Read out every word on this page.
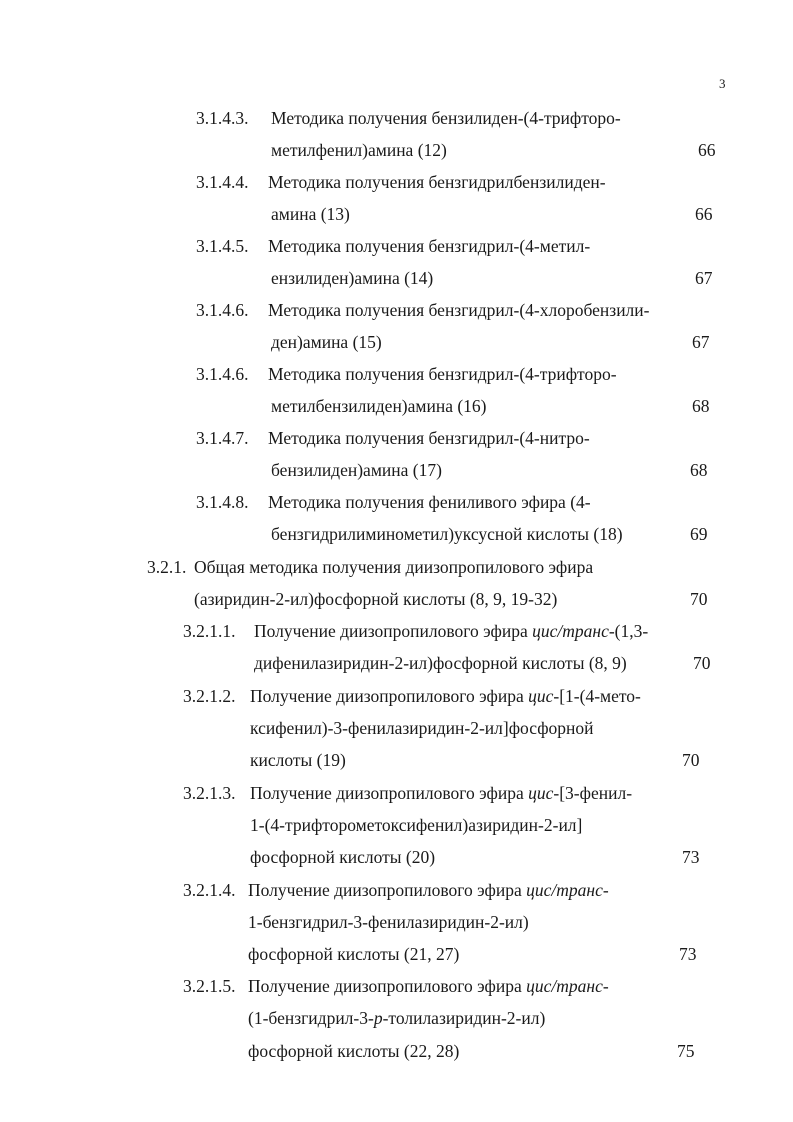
3
3.1.4.3. Методика получения бензилиден-(4-трифторо-
метилфенил)амина (12)	66
3.1.4.4. Методика получения бензгидрилбензилиден-
амина (13)	66
3.1.4.5. Методика получения бензгидрил-(4-метил-
ензилиден)амина (14)	67
3.1.4.6. Методика получения бензгидрил-(4-хлоробензили-
ден)амина (15)	67
3.1.4.6. Методика получения бензгидрил-(4-трифторо-
метилбензилиден)амина (16)	68
3.1.4.7. Методика получения бензгидрил-(4-нитро-
бензилиден)амина (17)	68
3.1.4.8. Методика получения фениливого эфира (4-
бензгидрилиминометил)уксусной кислоты (18)	69
3.2.1. Общая методика получения диизопропилового эфира
(азиридин-2-ил)фосфорной кислоты (8, 9, 19-32)	70
3.2.1.1. Получение диизопропилового эфира цис/транс-(1,3-
дифенилазиридин-2-ил)фосфорной кислоты (8, 9)	70
3.2.1.2. Получение диизопропилового эфира цис-[1-(4-мето-
ксифенил)-3-фенилазиридин-2-ил]фосфорной
кислоты (19)	70
3.2.1.3. Получение диизопропилового эфира цис-[3-фенил-
1-(4-трифторометоксифенил)азиридин-2-ил]
фосфорной кислоты (20)	73
3.2.1.4. Получение диизопропилового эфира цис/транс-
1-бензгидрил-3-фенилазиридин-2-ил)
фосфорной кислоты (21, 27)	73
3.2.1.5. Получение диизопропилового эфира цис/транс-
(1-бензгидрил-3-p-толилазиридин-2-ил)
фосфорной кислоты (22, 28)	75
